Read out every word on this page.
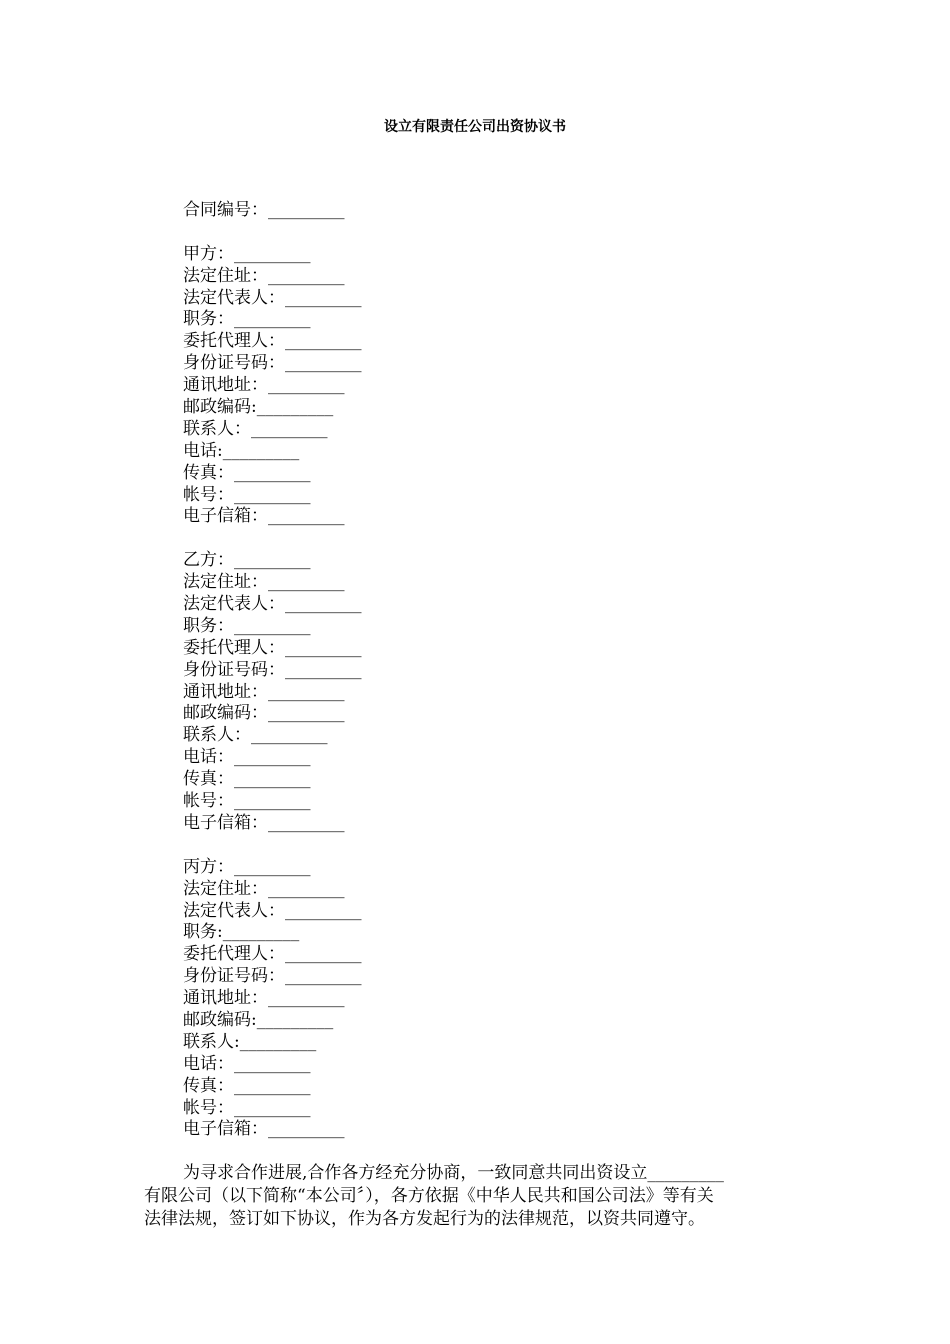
设立有限责任公司出资协议书
合同编号：_________
甲方：_________
法定住址：_________
法定代表人：_________
职务：_________
委托代理人：_________
身份证号码：_________
通讯地址：_________
邮政编码:_________
联系人：_________
电话:_________
传真：_________
帐号：_________
电子信箱：_________
乙方：_________
法定住址：_________
法定代表人：_________
职务：_________
委托代理人：_________
身份证号码：_________
通讯地址：_________
邮政编码：_________
联系人：_________
电话：_________
传真：_________
帐号：_________
电子信箱：_________
丙方：_________
法定住址：_________
法定代表人：_________
职务:_________
委托代理人：_________
身份证号码：_________
通讯地址：_________
邮政编码:_________
联系人:_________
电话：_________
传真：_________
帐号：_________
电子信箱：_________

为寻求合作进展,合作各方经充分协商，一致同意共同出资设立_________

有限公司（以下简称“本公司〞），各方依据《中华人民共和国公司法》等有关

法律法规，签订如下协议，作为各方发起行为的法律规范，以资共同遵守。
